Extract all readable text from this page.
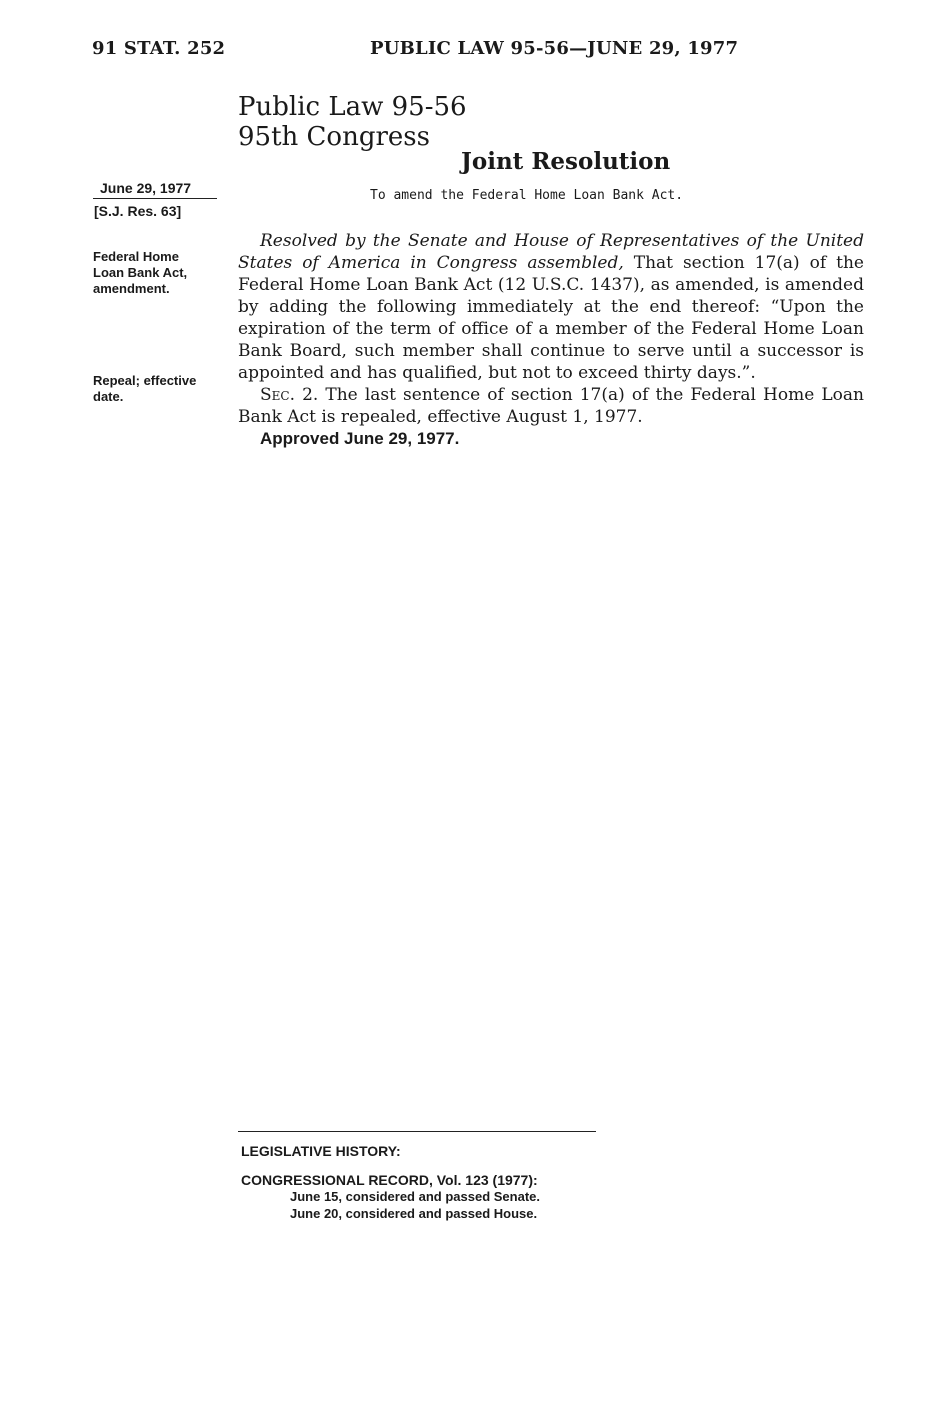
91 STAT. 252	PUBLIC LAW 95-56—JUNE 29, 1977
Public Law 95-56
95th Congress
Joint Resolution
To amend the Federal Home Loan Bank Act.
June 29, 1977
[S.J. Res. 63]
Federal Home Loan Bank Act, amendment.
Repeal; effective date.

Resolved by the Senate and House of Representatives of the United States of America in Congress assembled, That section 17(a) of the Federal Home Loan Bank Act (12 U.S.C. 1437), as amended, is amended by adding the following immediately at the end thereof: “Upon the expiration of the term of office of a member of the Federal Home Loan Bank Board, such member shall continue to serve until a successor is appointed and has qualified, but not to exceed thirty days.”.

Sec. 2. The last sentence of section 17(a) of the Federal Home Loan Bank Act is repealed, effective August 1, 1977.

Approved June 29, 1977.
LEGISLATIVE HISTORY:
CONGRESSIONAL RECORD, Vol. 123 (1977):
June 15, considered and passed Senate.
June 20, considered and passed House.
